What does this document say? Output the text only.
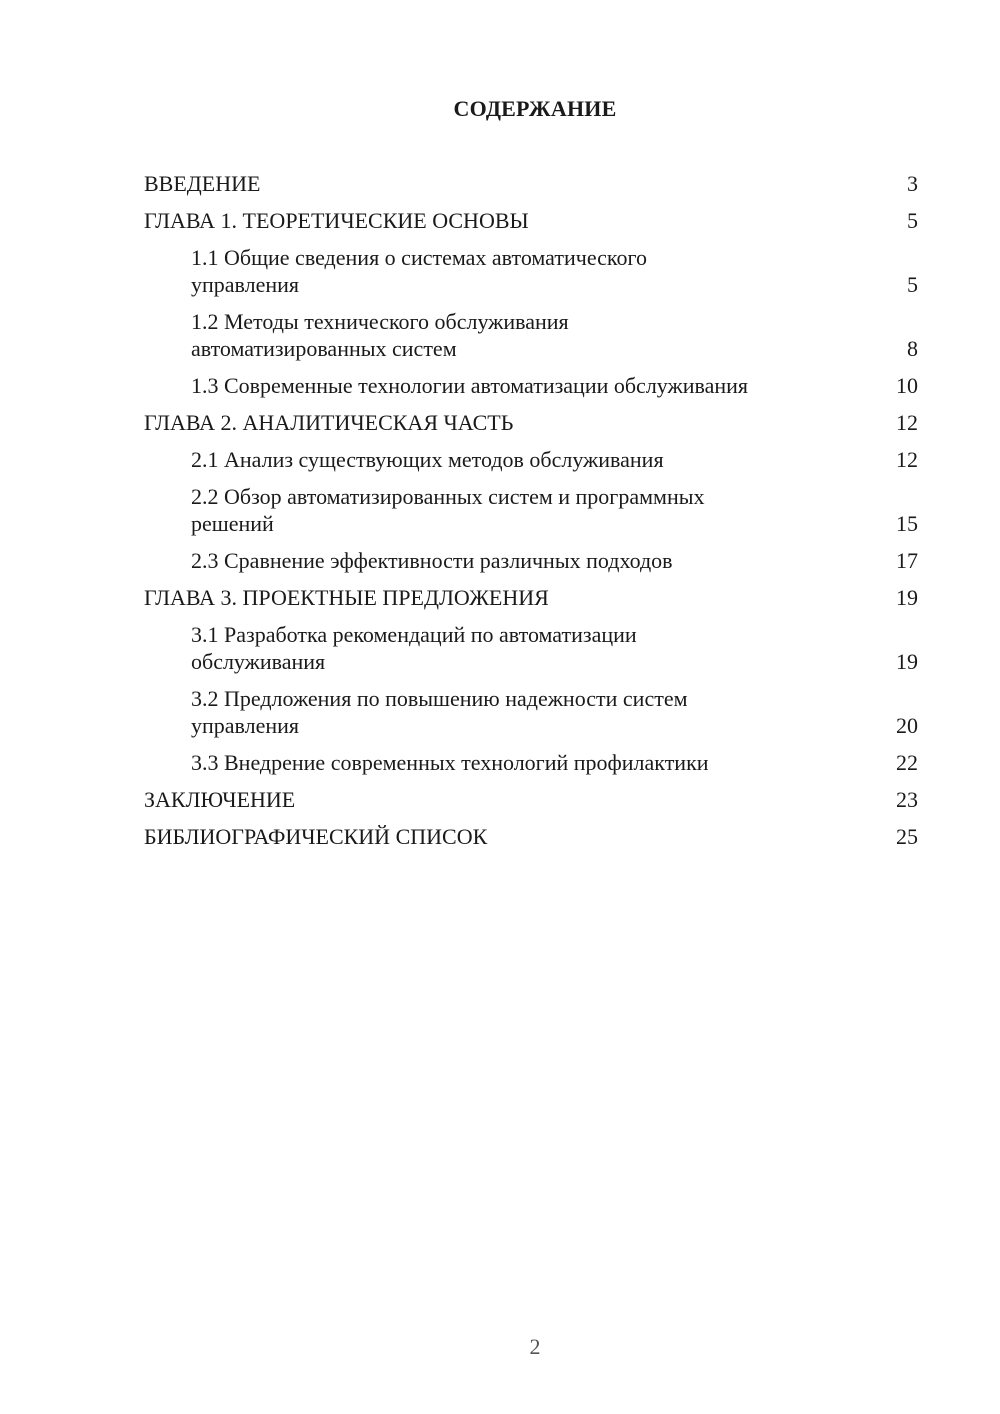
СОДЕРЖАНИЕ
ВВЕДЕНИЕ	3
ГЛАВА 1. ТЕОРЕТИЧЕСКИЕ ОСНОВЫ	5
1.1 Общие сведения о системах автоматического управления	5
1.2 Методы технического обслуживания автоматизированных систем	8
1.3 Современные технологии автоматизации обслуживания	10
ГЛАВА 2. АНАЛИТИЧЕСКАЯ ЧАСТЬ	12
2.1 Анализ существующих методов обслуживания	12
2.2 Обзор автоматизированных систем и программных решений	15
2.3 Сравнение эффективности различных подходов	17
ГЛАВА 3. ПРОЕКТНЫЕ ПРЕДЛОЖЕНИЯ	19
3.1 Разработка рекомендаций по автоматизации обслуживания	19
3.2 Предложения по повышению надежности систем управления	20
3.3 Внедрение современных технологий профилактики	22
ЗАКЛЮЧЕНИЕ	23
БИБЛИОГРАФИЧЕСКИЙ СПИСОК	25
2
